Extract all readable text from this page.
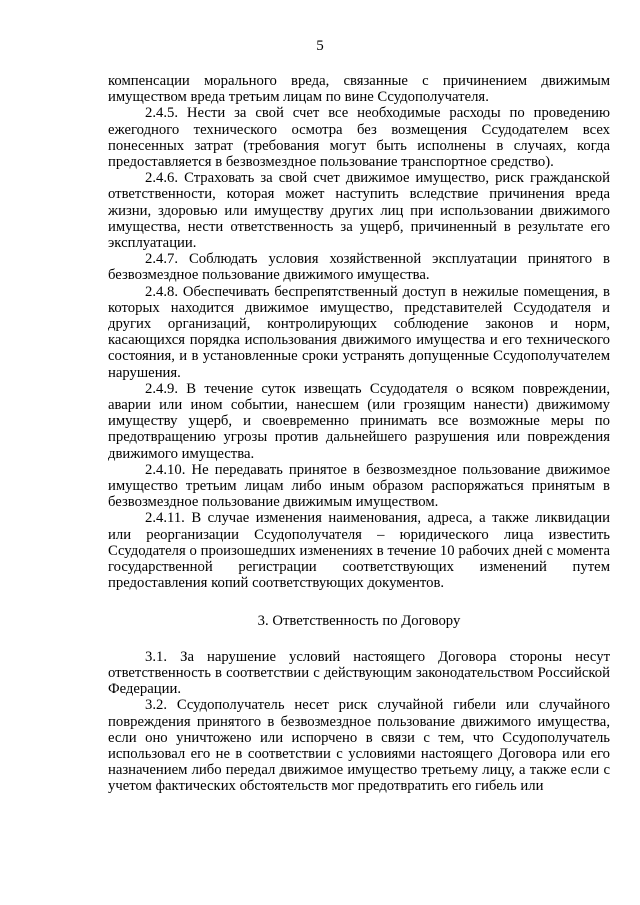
5

компенсации морального вреда, связанные с причинением движимым имуществом вреда третьим лицам по вине Ссудополучателя.

2.4.5. Нести за свой счет все необходимые расходы по проведению ежегодного технического осмотра без возмещения Ссудодателем всех понесенных затрат (требования могут быть исполнены в случаях, когда предоставляется в безвозмездное пользование транспортное средство).

2.4.6. Страховать за свой счет движимое имущество, риск гражданской ответственности, которая может наступить вследствие причинения вреда жизни, здоровью или имуществу других лиц при использовании движимого имущества, нести ответственность за ущерб, причиненный в результате его эксплуатации.

2.4.7. Соблюдать условия хозяйственной эксплуатации принятого в безвозмездное пользование движимого имущества.

2.4.8. Обеспечивать беспрепятственный доступ в нежилые помещения, в которых находится движимое имущество, представителей Ссудодателя и других организаций, контролирующих соблюдение законов и норм, касающихся порядка использования движимого имущества и его технического состояния, и в установленные сроки устранять допущенные Ссудополучателем нарушения.

2.4.9. В течение суток извещать Ссудодателя о всяком повреждении, аварии или ином событии, нанесшем (или грозящим нанести) движимому имуществу ущерб, и своевременно принимать все возможные меры по предотвращению угрозы против дальнейшего разрушения или повреждения движимого имущества.

2.4.10. Не передавать принятое в безвозмездное пользование движимое имущество третьим лицам либо иным образом распоряжаться принятым в безвозмездное пользование движимым имуществом.

2.4.11. В случае изменения наименования, адреса, а также ликвидации или реорганизации Ссудополучателя – юридического лица известить Ссудодателя о произошедших изменениях в течение 10 рабочих дней с момента государственной регистрации соответствующих изменений путем предоставления копий соответствующих документов.

3. Ответственность по Договору

3.1. За нарушение условий настоящего Договора стороны несут ответственность в соответствии с действующим законодательством Российской Федерации.

3.2. Ссудополучатель несет риск случайной гибели или случайного повреждения принятого в безвозмездное пользование движимого имущества, если оно уничтожено или испорчено в связи с тем, что Ссудополучатель использовал его не в соответствии с условиями настоящего Договора или его назначением либо передал движимое имущество третьему лицу, а также если с учетом фактических обстоятельств мог предотвратить его гибель или
